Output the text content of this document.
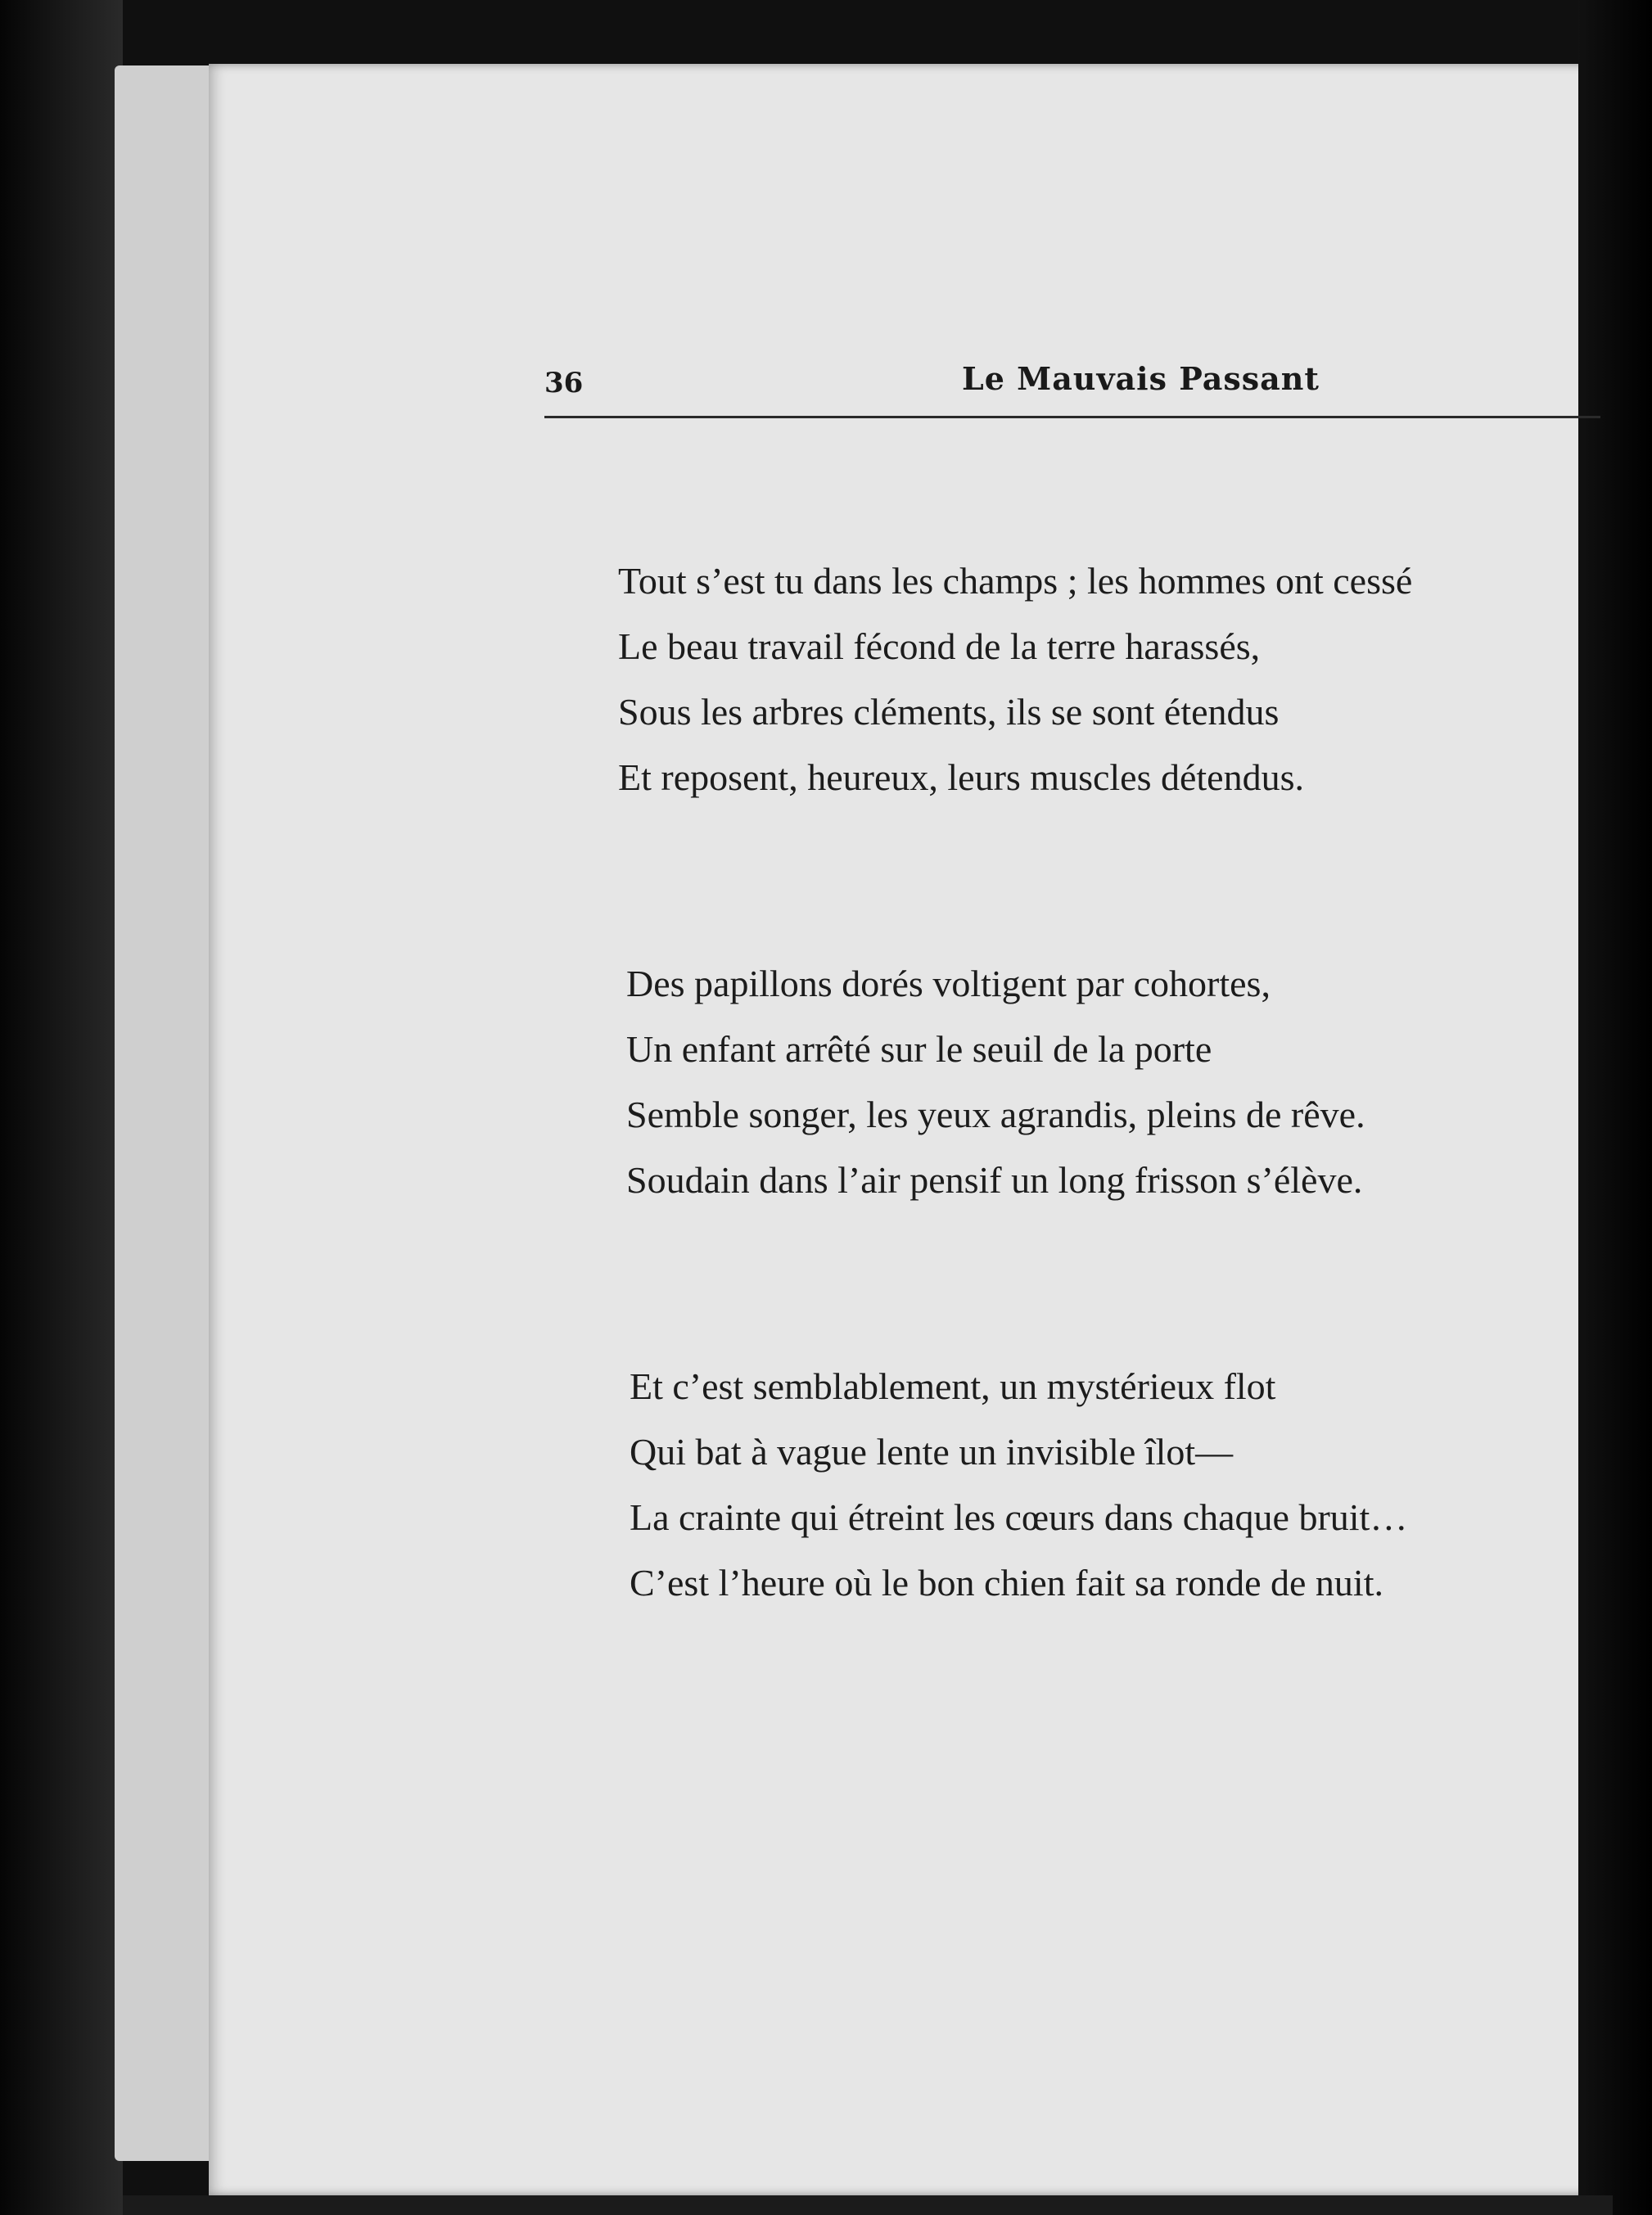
36	Le Mauvais Passant
Tout s’est tu dans les champs ; les hommes ont cessé
Le beau travail fécond de la terre harassés,
Sous les arbres cléments, ils se sont étendus
Et reposent, heureux, leurs muscles détendus.
Des papillons dorés voltigent par cohortes,
Un enfant arrêté sur le seuil de la porte
Semble songer, les yeux agrandis, pleins de rêve.
Soudain dans l’air pensif un long frisson s’élève.
Et c’est semblablement, un mystérieux flot
Qui bat à vague lente un invisible îlot—
La crainte qui étreint les cœurs dans chaque bruit…
C’est l’heure où le bon chien fait sa ronde de nuit.
